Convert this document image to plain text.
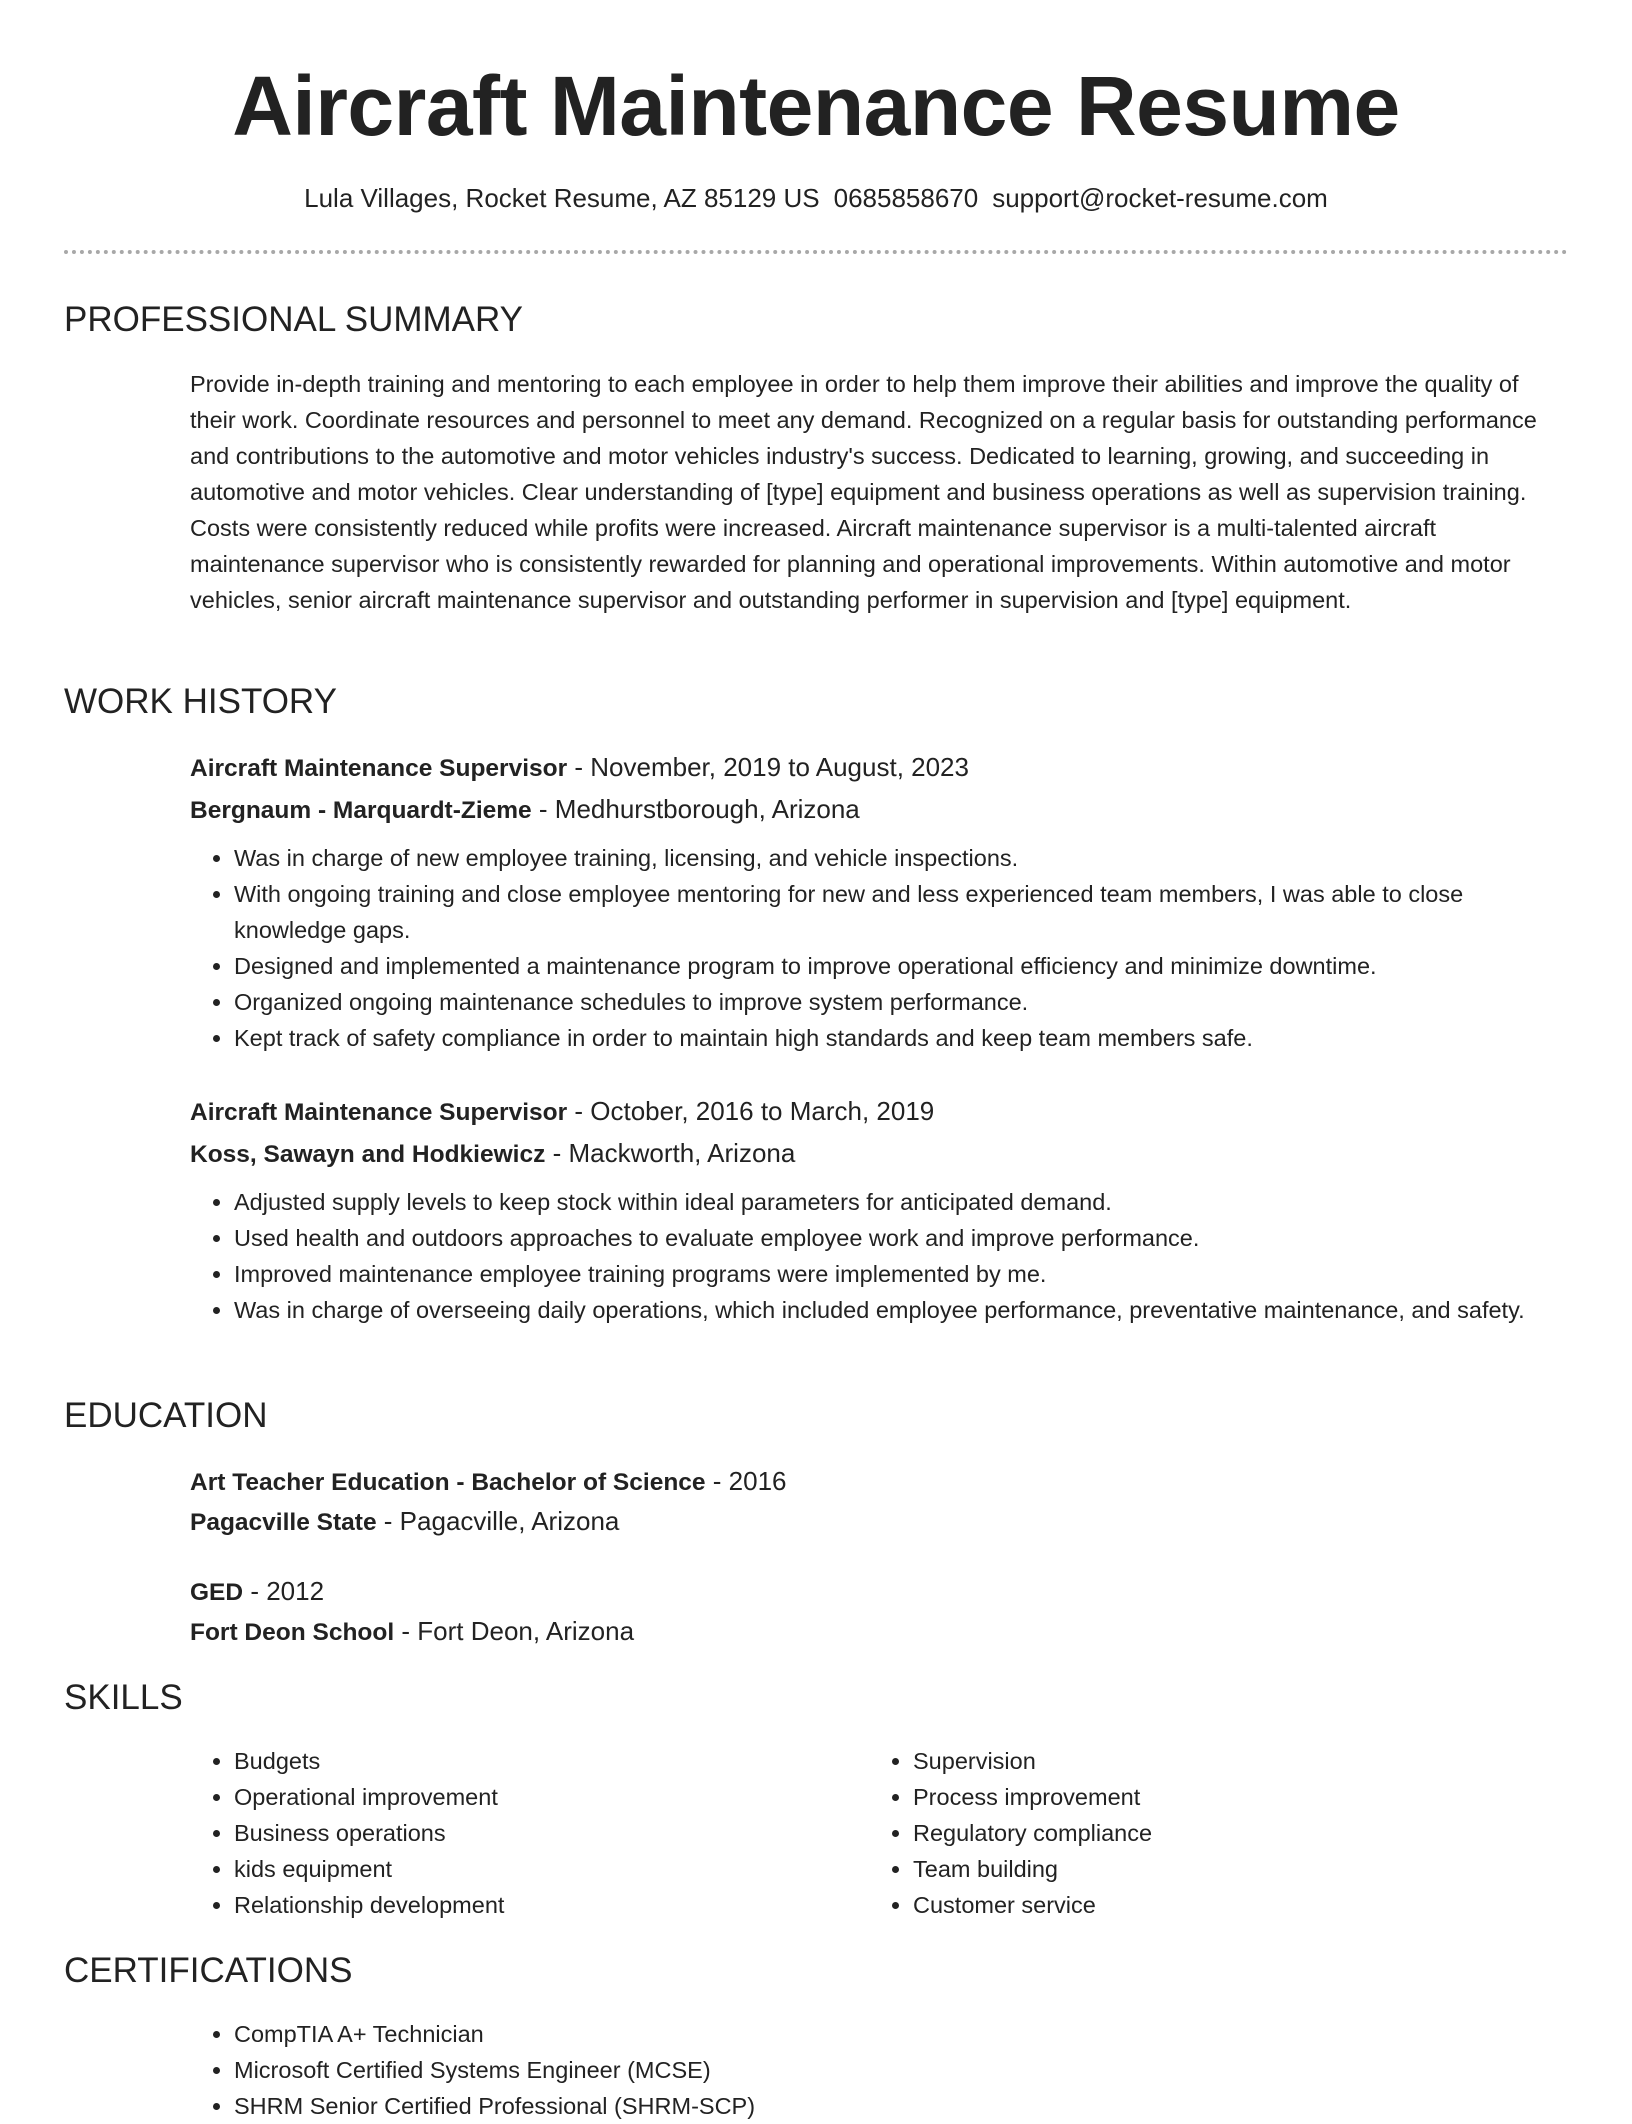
Aircraft Maintenance Resume
Lula Villages, Rocket Resume, AZ 85129 US 0685858670 support@rocket-resume.com
PROFESSIONAL SUMMARY

Provide in-depth training and mentoring to each employee in order to help them improve their abilities and improve the quality of their work. Coordinate resources and personnel to meet any demand. Recognized on a regular basis for outstanding performance and contributions to the automotive and motor vehicles industry's success. Dedicated to learning, growing, and succeeding in automotive and motor vehicles. Clear understanding of [type] equipment and business operations as well as supervision training. Costs were consistently reduced while profits were increased. Aircraft maintenance supervisor is a multi-talented aircraft maintenance supervisor who is consistently rewarded for planning and operational improvements. Within automotive and motor vehicles, senior aircraft maintenance supervisor and outstanding performer in supervision and [type] equipment.

WORK HISTORY

Aircraft Maintenance Supervisor - November, 2019 to August, 2023

Bergnaum - Marquardt-Zieme - Medhurstborough, Arizona

• Was in charge of new employee training, licensing, and vehicle inspections.
• With ongoing training and close employee mentoring for new and less experienced team members, I was able to close knowledge gaps.
• Designed and implemented a maintenance program to improve operational efficiency and minimize downtime.
• Organized ongoing maintenance schedules to improve system performance.
• Kept track of safety compliance in order to maintain high standards and keep team members safe.

Aircraft Maintenance Supervisor - October, 2016 to March, 2019

Koss, Sawayn and Hodkiewicz - Mackworth, Arizona

• Adjusted supply levels to keep stock within ideal parameters for anticipated demand.
• Used health and outdoors approaches to evaluate employee work and improve performance.
• Improved maintenance employee training programs were implemented by me.
• Was in charge of overseeing daily operations, which included employee performance, preventative maintenance, and safety.
EDUCATION

Art Teacher Education - Bachelor of Science - 2016

Pagacville State - Pagacville, Arizona

GED - 2012

Fort Deon School - Fort Deon, Arizona

SKILLS
• Budgets
• Operational improvement
• Business operations
• kids equipment
• Relationship development
• Supervision
• Process improvement
• Regulatory compliance
• Team building
• Customer service
CERTIFICATIONS
• CompTIA A+ Technician
• Microsoft Certified Systems Engineer (MCSE)
• SHRM Senior Certified Professional (SHRM-SCP)
